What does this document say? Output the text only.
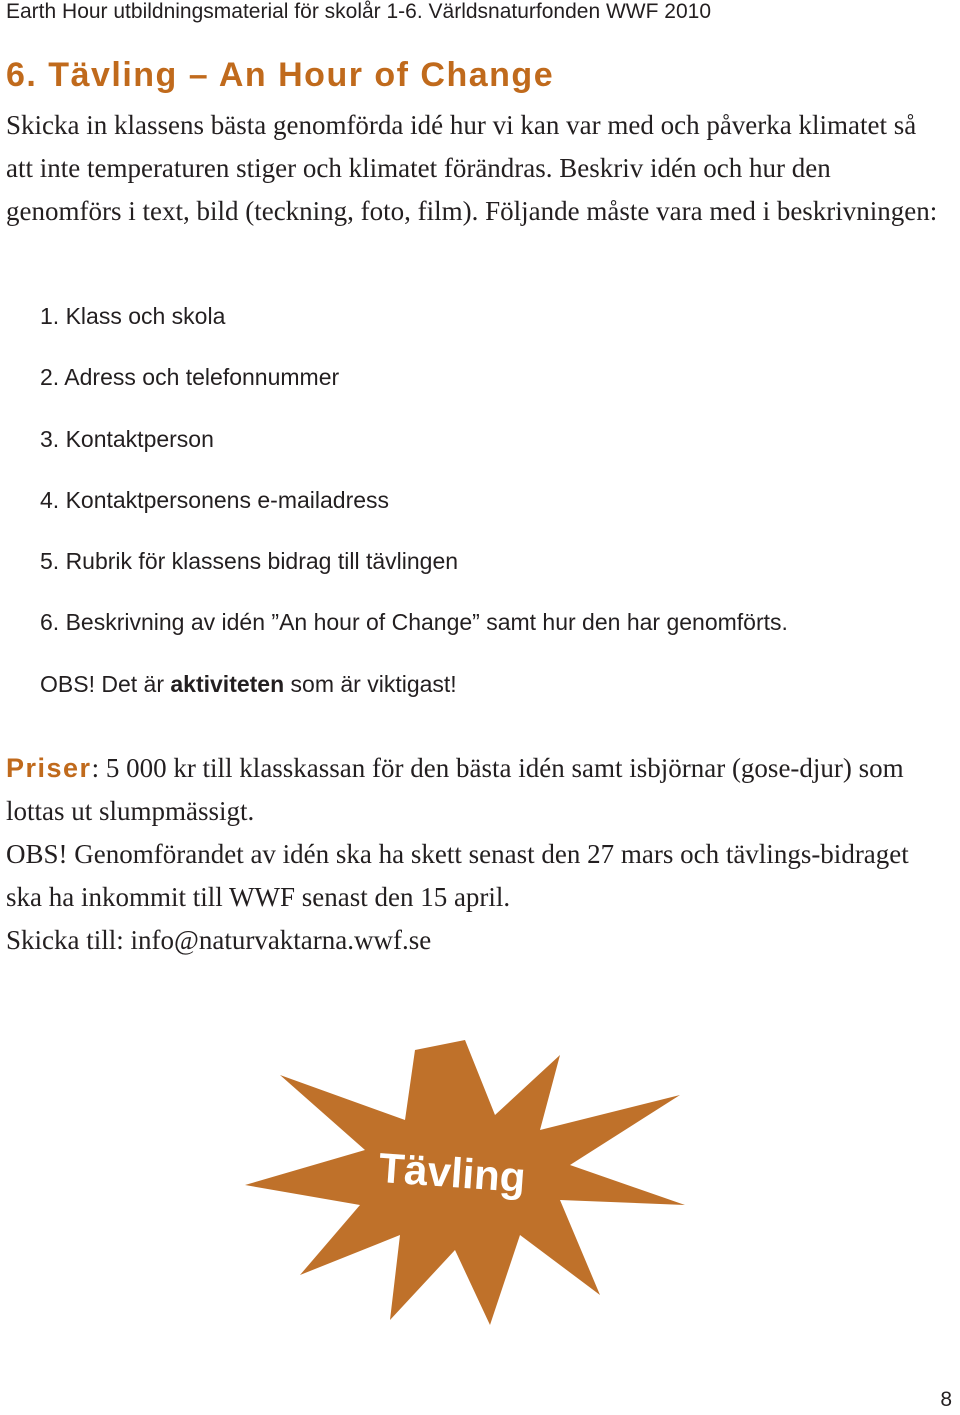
Earth Hour utbildningsmaterial för skolår 1-6. Världsnaturfonden WWF 2010
6. Tävling – An Hour of Change
Skicka in klassens bästa genomförda idé hur vi kan var med och påverka klimatet så att inte temperaturen stiger och klimatet förändras. Beskriv idén och hur den genomförs i text, bild (teckning, foto, film). Följande måste vara med i beskrivningen:
1. Klass och skola
2. Adress och telefonnummer
3. Kontaktperson
4. Kontaktpersonens e-mailadress
5. Rubrik för klassens bidrag till tävlingen
6. Beskrivning av idén ”An hour of Change” samt hur den har genomförts.
OBS! Det är aktiviteten som är viktigast!

Priser: 5 000 kr till klasskassan för den bästa idén samt isbjörnar (gose-djur) som lottas ut slumpmässigt.

OBS! Genomförandet av idén ska ha skett senast den 27 mars och tävlings-bidraget ska ha inkommit till WWF senast den 15 april.

Skicka till: info@naturvaktarna.wwf.se

Tävling
8
